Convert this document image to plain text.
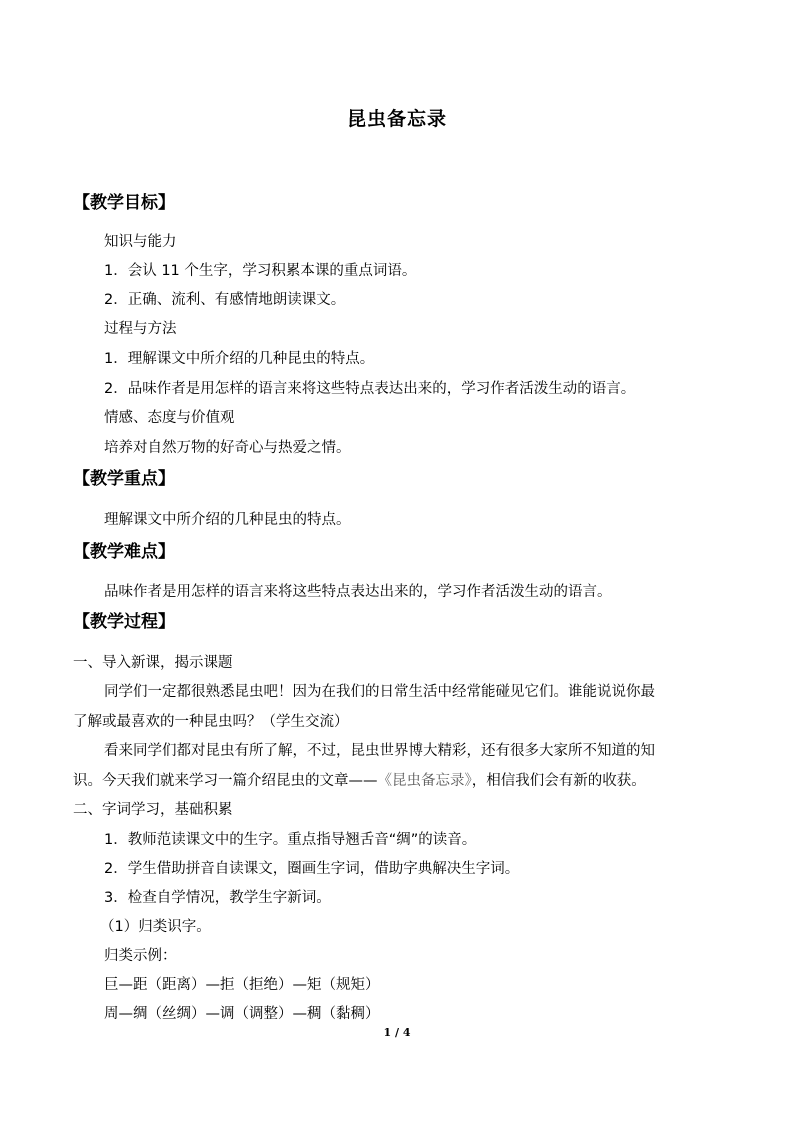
昆虫备忘录
【教学目标】
知识与能力
1．会认 11 个生字，学习积累本课的重点词语。
2．正确、流利、有感情地朗读课文。
过程与方法
1．理解课文中所介绍的几种昆虫的特点。
2．品味作者是用怎样的语言来将这些特点表达出来的，学习作者活泼生动的语言。
情感、态度与价值观
培养对自然万物的好奇心与热爱之情。
【教学重点】
理解课文中所介绍的几种昆虫的特点。
【教学难点】
品味作者是用怎样的语言来将这些特点表达出来的，学习作者活泼生动的语言。
【教学过程】
一、导入新课，揭示课题
同学们一定都很熟悉昆虫吧！因为在我们的日常生活中经常能碰见它们。谁能说说你最
了解或最喜欢的一种昆虫吗？（学生交流）
看来同学们都对昆虫有所了解，不过，昆虫世界博大精彩，还有很多大家所不知道的知
识。今天我们就来学习一篇介绍昆虫的文章——《昆虫备忘录》，相信我们会有新的收获。
二、字词学习，基础积累
1．教师范读课文中的生字。重点指导翘舌音“绸”的读音。
2．学生借助拼音自读课文，圈画生字词，借助字典解决生字词。
3．检查自学情况，教学生字新词。
（1）归类识字。
归类示例：
巨—距（距离）—拒（拒绝）—矩（规矩）
周—绸（丝绸）—调（调整）—稠（黏稠）
1 / 4
